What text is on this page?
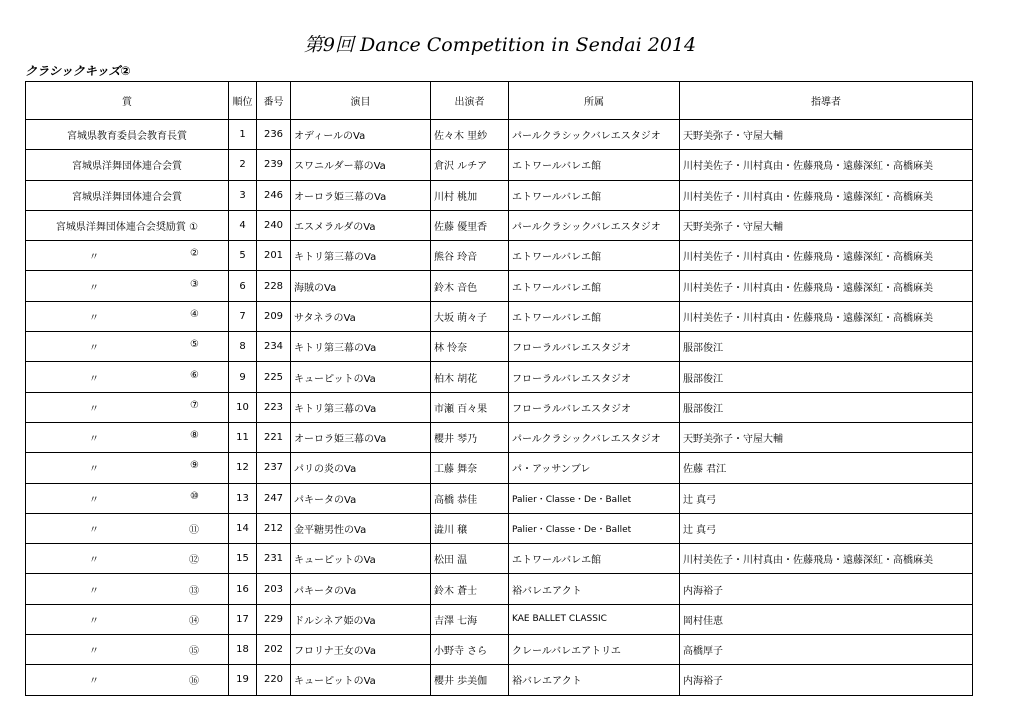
第9回 Dance Competition in Sendai 2014
クラシックキッズ②
賞	順位	番号	演目	出演者	所属	指導者
宮城県教育委員会教育長賞	1	236	オディールのVa	佐々木 里紗	パールクラシックバレエスタジオ	天野美弥子・守屋大輔
宮城県洋舞団体連合会賞	2	239	スワニルダー幕のVa	倉沢 ルチア	エトワールバレエ館	川村美佐子・川村真由・佐藤飛鳥・遠藤深紅・高橋麻美
宮城県洋舞団体連合会賞	3	246	オーロラ姫三幕のVa	川村 桃加	エトワールバレエ館	川村美佐子・川村真由・佐藤飛鳥・遠藤深紅・高橋麻美
宮城県洋舞団体連合会奨励賞 ①	4	240	エスメラルダのVa	佐藤 優里香	パールクラシックバレエスタジオ	天野美弥子・守屋大輔

〃 ②	5	201	キトリ第三幕のVa	熊谷 玲音	エトワールバレエ館	川村美佐子・川村真由・佐藤飛鳥・遠藤深紅・高橋麻美

〃 ③	6	228	海賊のVa	鈴木 音色	エトワールバレエ館	川村美佐子・川村真由・佐藤飛鳥・遠藤深紅・高橋麻美

〃 ④	7	209	サタネラのVa	大坂 萌々子	エトワールバレエ館	川村美佐子・川村真由・佐藤飛鳥・遠藤深紅・高橋麻美

〃 ⑤	8	234	キトリ第三幕のVa	林 怜奈	フローラルバレエスタジオ	服部俊江

〃 ⑥	9	225	キューピットのVa	柏木 胡花	フローラルバレエスタジオ	服部俊江

〃 ⑦	10	223	キトリ第三幕のVa	市瀬 百々果	フローラルバレエスタジオ	服部俊江

〃 ⑧	11	221	オーロラ姫三幕のVa	櫻井 琴乃	パールクラシックバレエスタジオ	天野美弥子・守屋大輔

〃 ⑨	12	237	パリの炎のVa	工藤 舞奈	パ・アッサンブレ	佐藤 君江

〃 ⑩	13	247	パキータのVa	高橋 恭佳	Palier・Classe・De・Ballet	辻 真弓

〃 ⑪	14	212	金平糖男性のVa	澁川 穣	Palier・Classe・De・Ballet	辻 真弓

〃 ⑫	15	231	キューピットのVa	松田 温	エトワールバレエ館	川村美佐子・川村真由・佐藤飛鳥・遠藤深紅・高橋麻美

〃 ⑬	16	203	パキータのVa	鈴木 蒼士	裕バレエアクト	内海裕子

〃 ⑭	17	229	ドルシネア姫のVa	吉澤 七海	KAE BALLET CLASSIC	岡村佳恵

〃 ⑮	18	202	フロリナ王女のVa	小野寺 さら	クレールバレエアトリエ	高橋厚子

〃 ⑯	19	220	キューピットのVa	櫻井 歩美伽	裕バレエアクト	内海裕子
